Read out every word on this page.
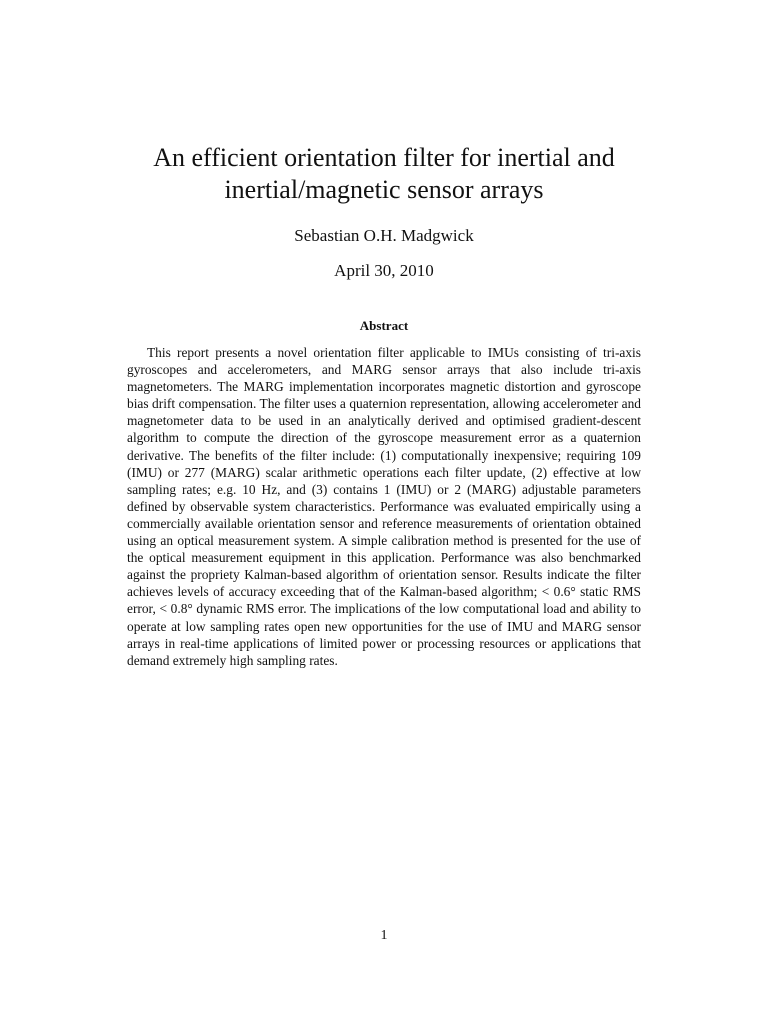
An efficient orientation filter for inertial and
inertial/magnetic sensor arrays
Sebastian O.H. Madgwick
April 30, 2010
Abstract

This report presents a novel orientation filter applicable to IMUs consisting of tri-axis gyroscopes and accelerometers, and MARG sensor arrays that also include tri-axis magnetometers. The MARG implementation incorporates magnetic distortion and gyroscope bias drift compensation. The filter uses a quaternion representation, allowing accelerometer and magnetometer data to be used in an analytically derived and optimised gradient-descent algorithm to compute the direction of the gyroscope measurement error as a quaternion derivative. The benefits of the filter include: (1) computationally inexpensive; requiring 109 (IMU) or 277 (MARG) scalar arithmetic operations each filter update, (2) effective at low sampling rates; e.g. 10 Hz, and (3) contains 1 (IMU) or 2 (MARG) adjustable parameters defined by observable system characteristics. Performance was evaluated empirically using a commercially available orientation sensor and reference measurements of orientation obtained using an optical measurement system. A simple calibration method is presented for the use of the optical measurement equipment in this application. Performance was also benchmarked against the propriety Kalman-based algorithm of orientation sensor. Results indicate the filter achieves levels of accuracy exceeding that of the Kalman-based algorithm; < 0.6° static RMS error, < 0.8° dynamic RMS error. The implications of the low computational load and ability to operate at low sampling rates open new opportunities for the use of IMU and MARG sensor arrays in real-time applications of limited power or processing resources or applications that demand extremely high sampling rates.

1
